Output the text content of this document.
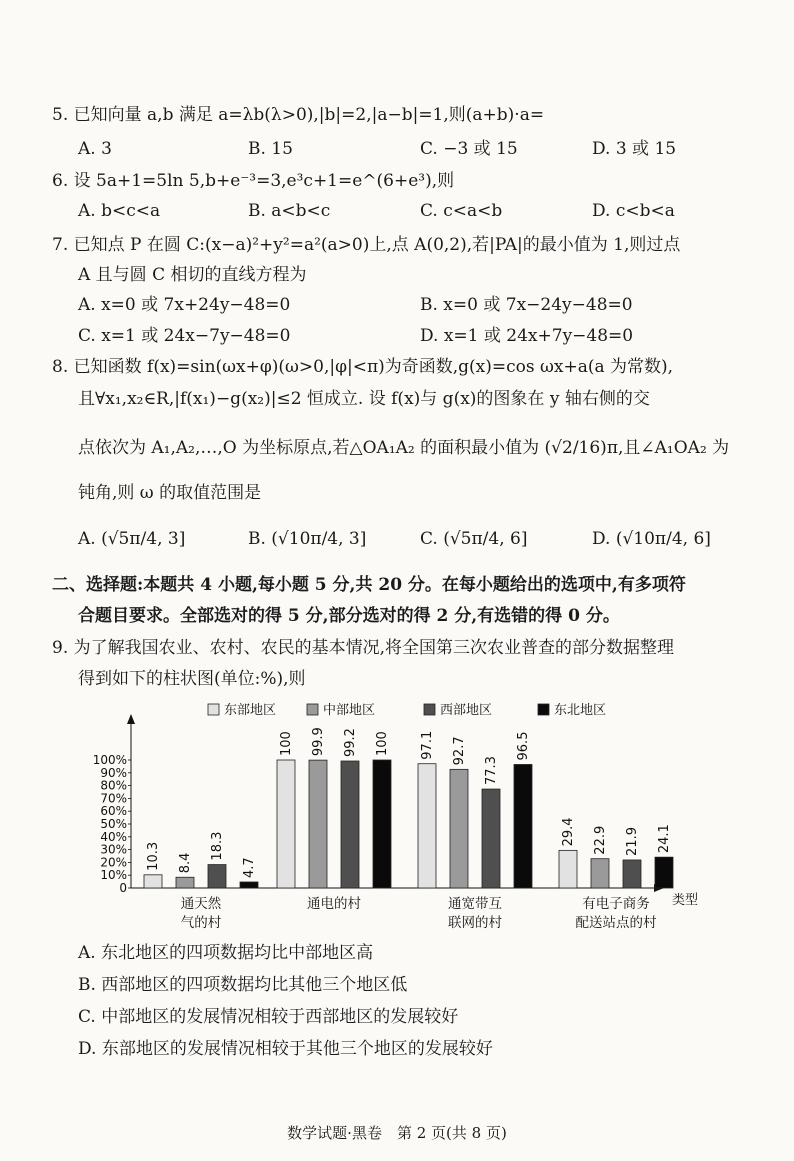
5. 已知向量 a,b 满足 a=λb(λ>0),|b|=2,|a−b|=1,则(a+b)·a=
A. 3	B. 15	C. −3 或 15	D. 3 或 15
6. 设 5a+1=5ln 5,b+e⁻³=3,e³c+1=e^(6+e³),则
A. b<c<a	B. a<b<c	C. c<a<b	D. c<b<a
7. 已知点 P 在圆 C:(x−a)²+y²=a²(a>0)上,点 A(0,2),若|PA|的最小值为 1,则过点
A 且与圆 C 相切的直线方程为
A. x=0 或 7x+24y−48=0	B. x=0 或 7x−24y−48=0
C. x=1 或 24x−7y−48=0	D. x=1 或 24x+7y−48=0
8. 已知函数 f(x)=sin(ωx+φ)(ω>0,|φ|<π)为奇函数,g(x)=cos ωx+a(a 为常数),
且∀x₁,x₂∈R,|f(x₁)−g(x₂)|≤2 恒成立. 设 f(x)与 g(x)的图象在 y 轴右侧的交
点依次为 A₁,A₂,…,O 为坐标原点,若△OA₁A₂ 的面积最小值为 (√2/16)π,且∠A₁OA₂ 为
钝角,则 ω 的取值范围是
A. (√5π/4, 3]	B. (√10π/4, 3]	C. (√5π/4, 6]	D. (√10π/4, 6]
二、选择题:本题共 4 小题,每小题 5 分,共 20 分。在每小题给出的选项中,有多项符
合题目要求。全部选对的得 5 分,部分选对的得 2 分,有选错的得 0 分。
9. 为了解我国农业、农村、农民的基本情况,将全国第三次农业普查的部分数据整理
得到如下的柱状图(单位:%),则
东部地区	中部地区	西部地区	东北地区
类型
0
10%
20%
30%
40%
50%
60%
70%
80%
90%
100%
10.3 8.4
18.3
4.7
通天然
气的村
100 99.9 99.2 100
通电的村
97.1 92.7
77.3
96.5
通宽带互
联网的村
29.4 22.9 21.9 24.1
有电子商务
配送站点的村
A. 东北地区的四项数据均比中部地区高
B. 西部地区的四项数据均比其他三个地区低
C. 中部地区的发展情况相较于西部地区的发展较好
D. 东部地区的发展情况相较于其他三个地区的发展较好
数学试题·黑卷　第 2 页(共 8 页)
